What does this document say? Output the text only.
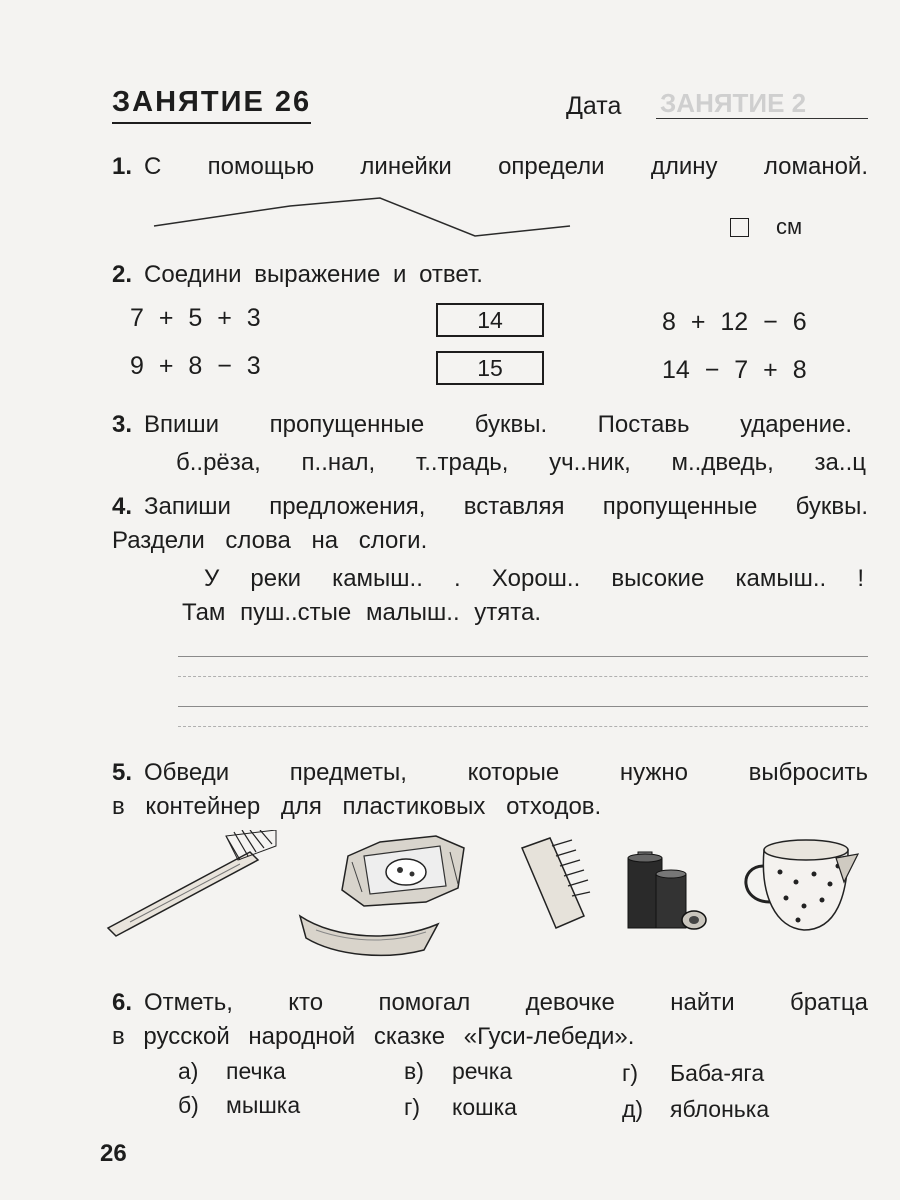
ЗАНЯТИЕ 2
ЗАНЯТИЕ 26	Дата
1. С помощью линейки определи длину ломаной.
см
2. Соедини выражение и ответ.
7 + 5 + 3
9 + 8 − 3
14
15
8 + 12 − 6
14 − 7 + 8
3. Впиши пропущенные буквы. Поставь ударение.
б..рёза, п..нал, т..традь, уч..ник, м..дведь, за..ц
4. Запиши предложения, вставляя пропущенные буквы.
Раздели слова на слоги.
У реки камыш.. . Хорош.. высокие камыш.. !
Там пуш..стые малыш.. утята.
5. Обведи предметы, которые нужно выбросить
в контейнер для пластиковых отходов.
6. Отметь, кто помогал девочке найти братца
в русской народной сказке «Гуси-лебеди».
а) печка
б) мышка
в) речка
г) кошка
г) Баба-яга
д) яблонька
26
